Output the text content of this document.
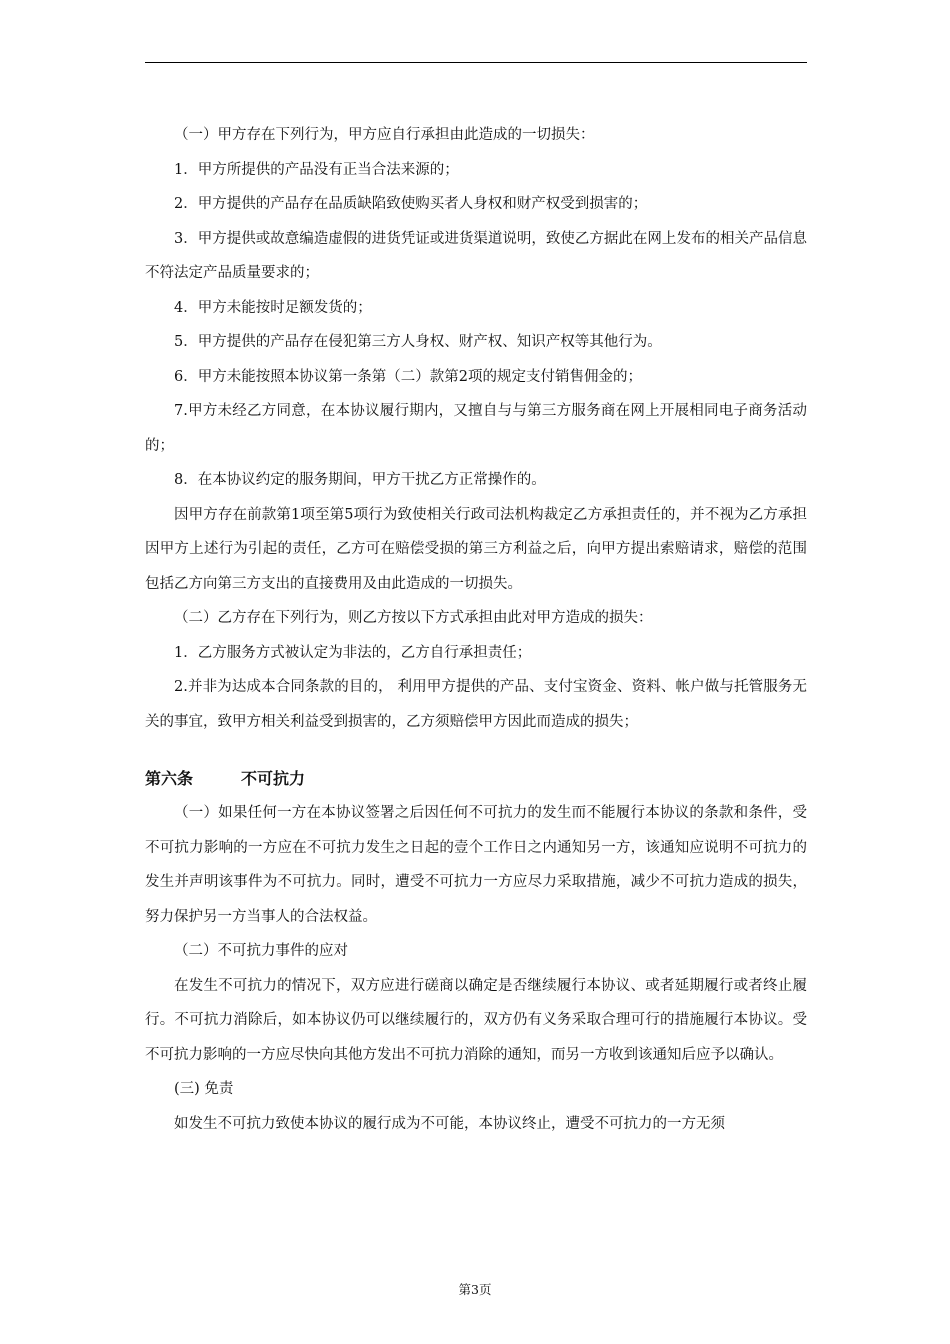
（一）甲方存在下列行为，甲方应自行承担由此造成的一切损失：

1．甲方所提供的产品没有正当合法来源的；

2．甲方提供的产品存在品质缺陷致使购买者人身权和财产权受到损害的；

3．甲方提供或故意编造虚假的进货凭证或进货渠道说明，致使乙方据此在网上发布的相关产品信息不符法定产品质量要求的；

4．甲方未能按时足额发货的；

5．甲方提供的产品存在侵犯第三方人身权、财产权、知识产权等其他行为。

6．甲方未能按照本协议第一条第（二）款第2项的规定支付销售佣金的；

7.甲方未经乙方同意，在本协议履行期内，又擅自与与第三方服务商在网上开展相同电子商务活动的；

8．在本协议约定的服务期间，甲方干扰乙方正常操作的。

因甲方存在前款第1项至第5项行为致使相关行政司法机构裁定乙方承担责任的，并不视为乙方承担因甲方上述行为引起的责任，乙方可在赔偿受损的第三方利益之后，向甲方提出索赔请求，赔偿的范围包括乙方向第三方支出的直接费用及由此造成的一切损失。

（二）乙方存在下列行为，则乙方按以下方式承担由此对甲方造成的损失：

1．乙方服务方式被认定为非法的，乙方自行承担责任；

2.并非为达成本合同条款的目的， 利用甲方提供的产品、支付宝资金、资料、帐户做与托管服务无关的事宜，致甲方相关利益受到损害的，乙方须赔偿甲方因此而造成的损失；

第六条	不可抗力

（一）如果任何一方在本协议签署之后因任何不可抗力的发生而不能履行本协议的条款和条件，受不可抗力影响的一方应在不可抗力发生之日起的壹个工作日之内通知另一方，该通知应说明不可抗力的发生并声明该事件为不可抗力。同时，遭受不可抗力一方应尽力采取措施，减少不可抗力造成的损失，努力保护另一方当事人的合法权益。

（二）不可抗力事件的应对

在发生不可抗力的情况下，双方应进行磋商以确定是否继续履行本协议、或者延期履行或者终止履行。不可抗力消除后，如本协议仍可以继续履行的，双方仍有义务采取合理可行的措施履行本协议。受不可抗力影响的一方应尽快向其他方发出不可抗力消除的通知，而另一方收到该通知后应予以确认。

(三) 免责

如发生不可抗力致使本协议的履行成为不可能，本协议终止，遭受不可抗力的一方无须

第3页
